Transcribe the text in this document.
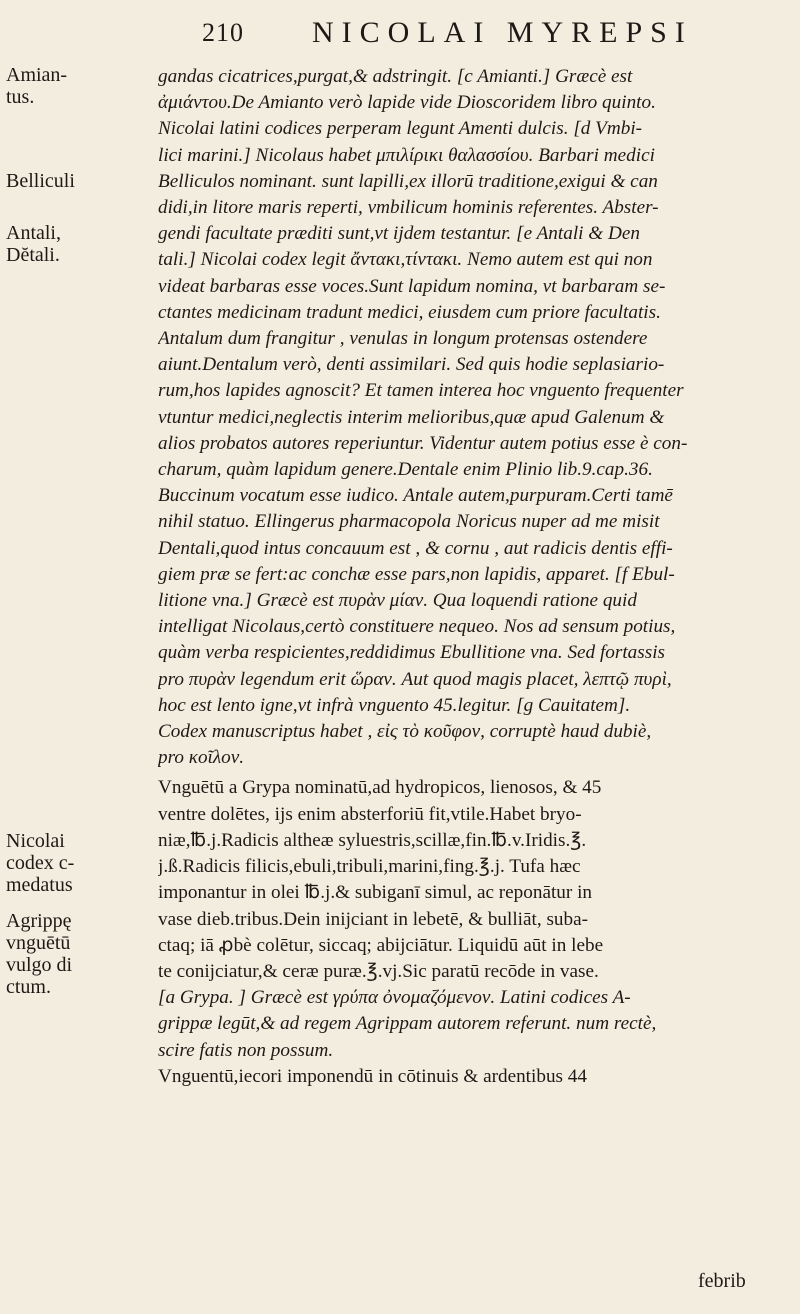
210 NICOLAI MYREPSI
Amian-
tus.
Belliculi
Antali,
Dĕtali.
Nicolai
codex c-
medatus
Agrippę
vnguētū
vulgo di
ctum.
gandas cicatrices,purgat,& adstringit. [c Amianti.] Græcè est
ἀμιάντου.De Amianto verò lapide vide Dioscoridem libro quinto.
Nicolai latini codices perperam legunt Amenti dulcis. [d Vmbi-
lici marini.] Nicolaus habet μπιλίρικι θαλασσίου. Barbari medici
Belliculos nominant. sunt lapilli,ex illorū traditione,exigui & can
didi,in litore maris reperti, vmbilicum hominis referentes. Abster-
gendi facultate præditi sunt,vt ijdem testantur. [e Antali & Den
tali.] Nicolai codex legit ἄντακι,τίντακι. Nemo autem est qui non
videat barbaras esse voces.Sunt lapidum nomina, vt barbaram se-
ctantes medicinam tradunt medici, eiusdem cum priore facultatis.
Antalum dum frangitur , venulas in longum protensas ostendere
aiunt.Dentalum verò, denti assimilari. Sed quis hodie seplasiario-
rum,hos lapides agnoscit? Et tamen interea hoc vnguento frequenter
vtuntur medici,neglectis interim melioribus,quæ apud Galenum &
alios probatos autores reperiuntur. Videntur autem potius esse è con-
charum, quàm lapidum genere.Dentale enim Plinio lib.9.cap.36.
Buccinum vocatum esse iudico. Antale autem,purpuram.Certi tamē
nihil statuo. Ellingerus pharmacopola Noricus nuper ad me misit
Dentali,quod intus concauum est , & cornu , aut radicis dentis effi-
giem præ se fert:ac conchæ esse pars,non lapidis, apparet. [f Ebul-
litione vna.] Græcè est πυρὰν μίαν. Qua loquendi ratione quid
intelligat Nicolaus,certò constituere nequeo. Nos ad sensum potius,
quàm verba respicientes,reddidimus Ebullitione vna. Sed fortassis
pro πυρὰν legendum erit ὥραν. Aut quod magis placet, λεπτῷ πυρὶ,
hoc est lento igne,vt infrà vnguento 45.legitur. [g Cauitatem].
Codex manuscriptus habet , εἰς τὸ κοῦφον, corruptè haud dubiè,
pro κοῖλον.
Vnguētū a Grypa nominatū,ad hydropicos, lienosos, & 45
ventre dolētes, ijs enim absterforiū fit,vtile.Habet bryo-
niæ,℔.j.Radicis altheæ syluestris,scillæ,fin.℔.v.Iridis.℥.
j.ß.Radicis filicis,ebuli,tribuli,marini,fing.℥.j. Tufa hæc
imponantur in olei ℔.j.& subiganī simul, ac reponātur in
vase dieb.tribus.Dein inijciant in lebetē, & bulliāt, suba-
ctaq; iā ꝓbè colētur, siccaq; abijciātur. Liquidū aūt in lebe
te conijciatur,& ceræ puræ.℥.vj.Sic paratū recōde in vase.
[a Grypa. ] Græcè est γρύπα ὀνομαζόμενον. Latini codices A-
grippæ legūt,& ad regem Agrippam autorem referunt. num rectè,
scire fatis non possum.
Vnguentū,iecori imponendū in cōtinuis & ardentibus 44
febrib
